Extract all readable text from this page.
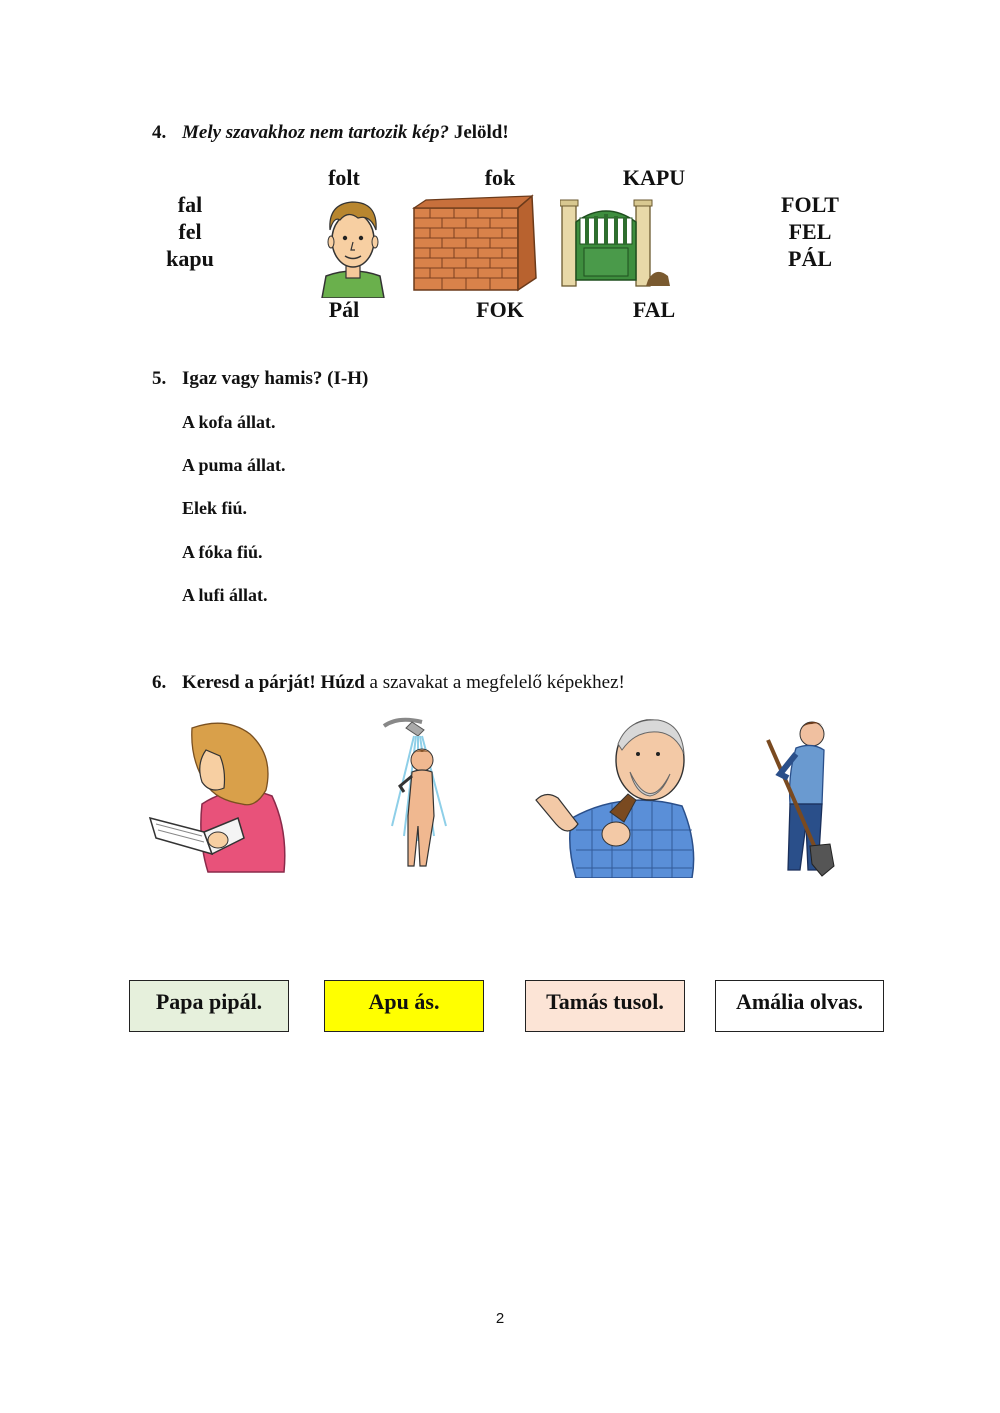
4. Mely szavakhoz nem tartozik kép? Jelöld!
fal
fel
kapu
folt	fok	KAPU
Pál	FOK	FAL
FOLT
FEL
PÁL
5. Igaz vagy hamis? (I-H)
A kofa állat.
A puma állat.
Elek fiú.
A fóka fiú.
A lufi állat.
6. Keresd a párját! Húzd a szavakat a megfelelő képekhez!
Papa pipál.	Apu ás.	Tamás tusol.	Amália olvas.
2
